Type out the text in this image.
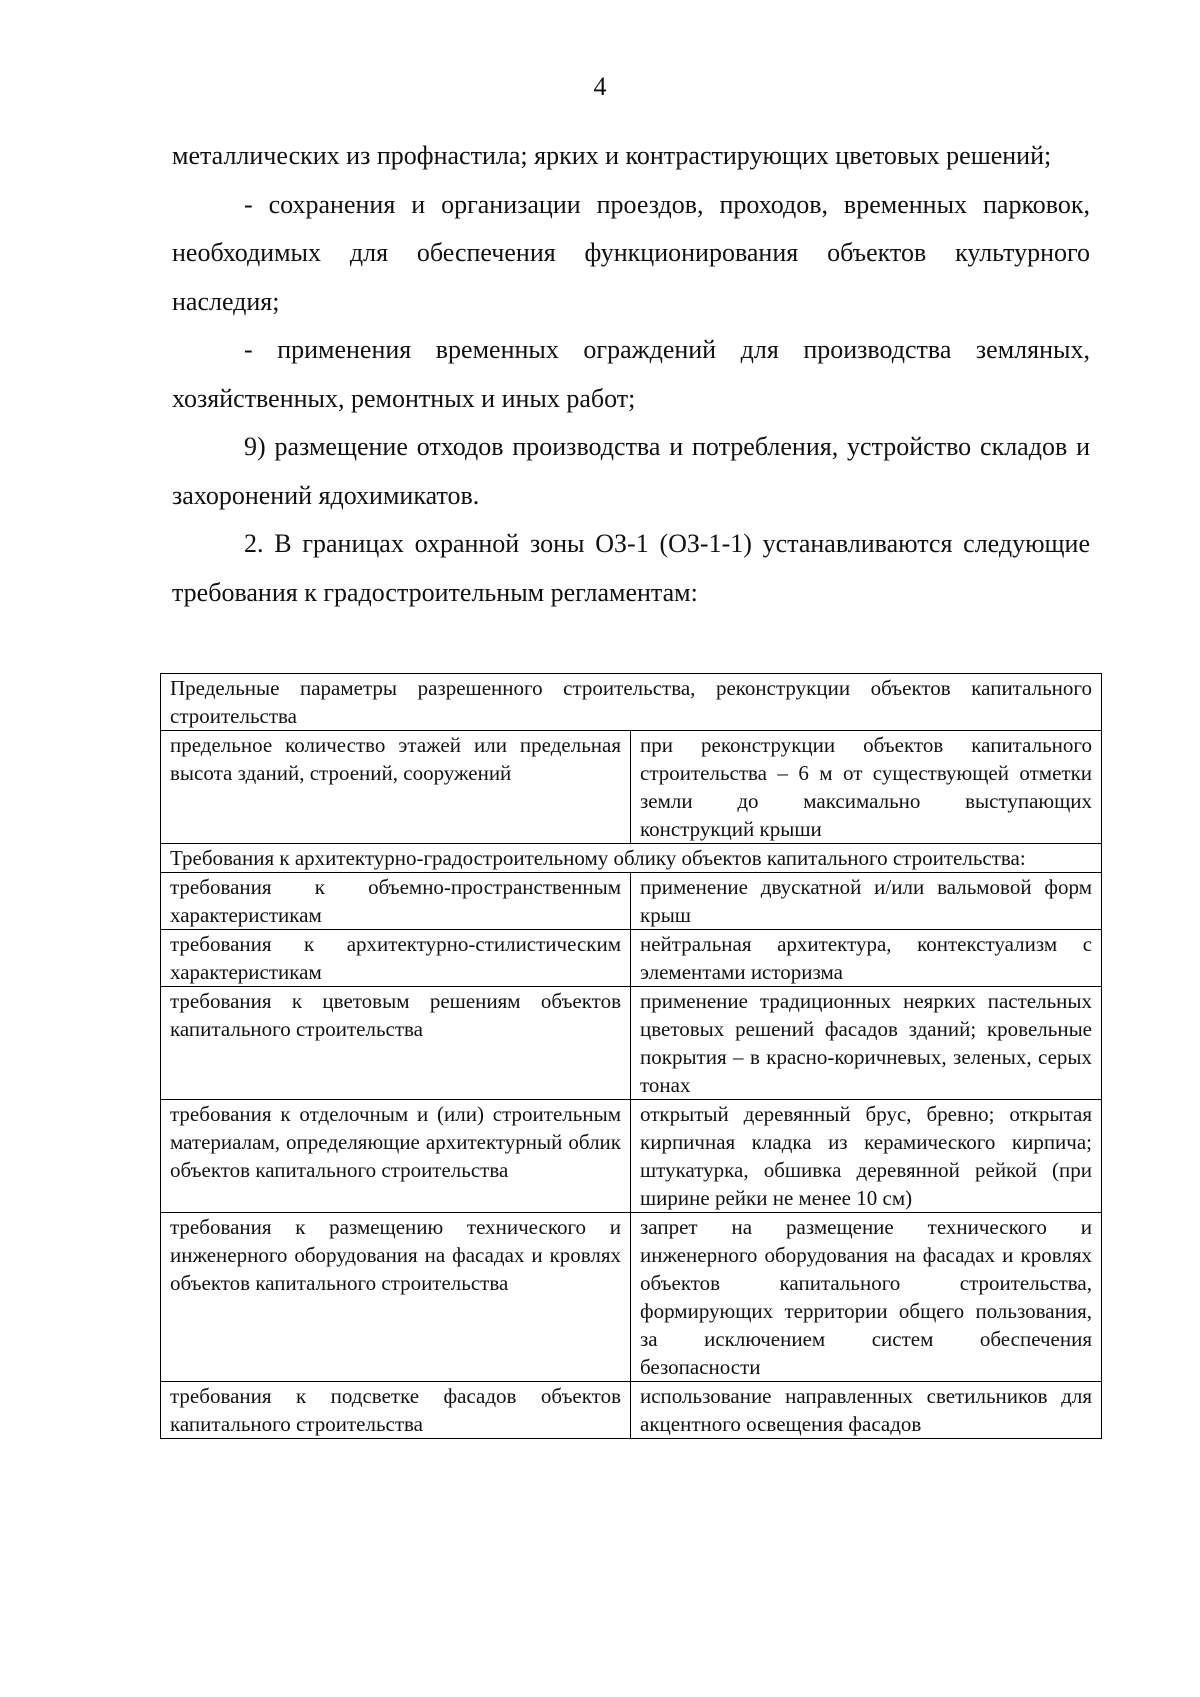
4

металлических из профнастила; ярких и контрастирующих цветовых решений;

- сохранения и организации проездов, проходов, временных парковок, необходимых для обеспечения функционирования объектов культурного наследия;

- применения временных ограждений для производства земляных, хозяйственных, ремонтных и иных работ;

9) размещение отходов производства и потребления, устройство складов и захоронений ядохимикатов.

2. В границах охранной зоны ОЗ-1 (ОЗ-1-1) устанавливаются следующие требования к градостроительным регламентам:

Предельные параметры разрешенного строительства, реконструкции объектов капитального строительства	
предельное количество этажей или предельная высота зданий, строений, сооружений	при реконструкции объектов капитального строительства – 6 м от существующей отметки земли до максимально выступающих конструкций крыши
Требования к архитектурно-градостроительному облику объектов капитального строительства:	
требования к объемно-пространственным характеристикам	применение двускатной и/или вальмовой форм крыш
требования к архитектурно-стилистическим характеристикам	нейтральная архитектура, контекстуализм с элементами историзма
требования к цветовым решениям объектов капитального строительства	применение традиционных неярких пастельных цветовых решений фасадов зданий; кровельные покрытия – в красно-коричневых, зеленых, серых тонах
требования к отделочным и (или) строительным материалам, определяющие архитектурный облик объектов капитального строительства	открытый деревянный брус, бревно; открытая кирпичная кладка из керамического кирпича; штукатурка, обшивка деревянной рейкой (при ширине рейки не менее 10 см)
требования к размещению технического и инженерного оборудования на фасадах и кровлях объектов капитального строительства	запрет на размещение технического и инженерного оборудования на фасадах и кровлях объектов капитального строительства, формирующих территории общего пользования, за исключением систем обеспечения безопасности
требования к подсветке фасадов объектов капитального строительства	использование направленных светильников для акцентного освещения фасадов
